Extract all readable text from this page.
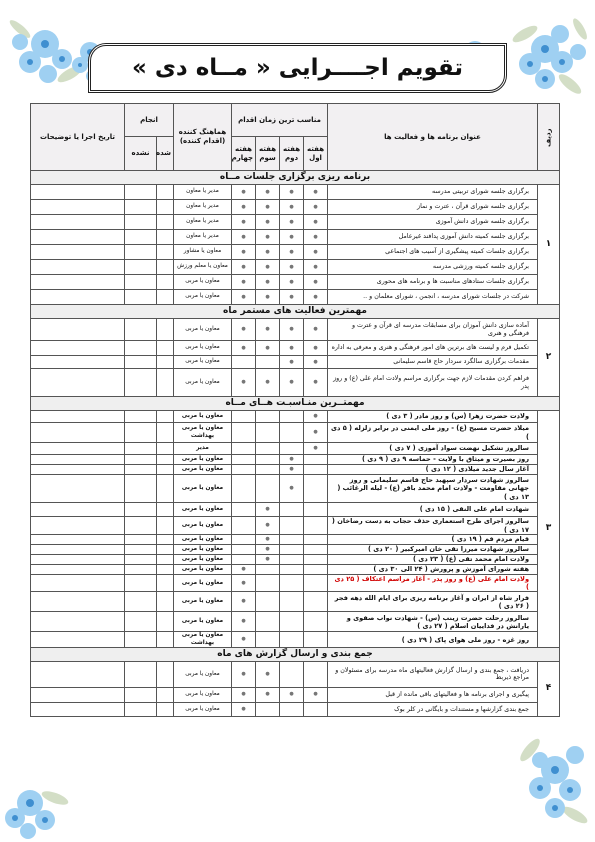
تقویم اجــــرایی « مــاه دی »
ردیف	عنوان برنامه ها و فعالیت ها	مناسب ترین زمان اقدام				هماهنگ کننده (اقدام کننده)	انجام		تاریخ اجرا یا توضیحات
		هفته اول	هفته دوم	هفته سوم	هفته چهارم		شده	نشده	
برنامه ریزی برگزاری جلسات مــاه									
۱	برگزاری جلسه شورای تربیتی مدرسه	●	●	●	●	مدیر یا معاون			
	برگزاری جلسه شورای قرآن ، عترت و نماز	●	●	●	●	مدیر یا معاون			
	برگزاری جلسه شورای دانش آموزی	●	●	●	●	مدیر یا معاون			
	برگزاری جلسه کمیته دانش آموزی پدافند غیرعامل	●	●	●	●	مدیر یا معاون			
	برگزاری جلسات کمیته پیشگیری از آسیب های اجتماعی	●	●	●	●	معاون یا مشاور			
	برگزاری جلسه کمیته ورزشی مدرسه	●	●	●	●	معاون یا معلم ورزش			
	برگزاری جلسات ستادهای مناسبت ها و برنامه های محوری	●	●	●	●	معاون یا مربی			
	شرکت در جلسات شورای مدرسه ، انجمن ، شورای معلمان و ..	●	●	●	●	معاون یا مربی			
مهمترین فعالیت های مستمر ماه									
۲	آماده سازی دانش آموزان برای مسابقات مدرسه ای قرآن و عترت و فرهنگی و هنری	●	●	●	●	معاون یا مربی			
	تکمیل فرم و لیست های برترین های امور فرهنگی و هنری و معرفی به اداره	●	●	●	●	معاون یا مربی			
	مقدمات برگزاری سالگرد سردار حاج قاسم سلیمانی	●	●			معاون یا مربی			
	فراهم کردن مقدمات لازم جهت برگزاری مراسم ولادت امام علی (ع) و روز پدر	●	●	●	●	معاون یا مربی			
مهمتــرین منـاسبـت هــای مــاه									
۳	ولادت حضرت زهرا (س) و روز مادر ( ۳ دی )	●				معاون یا مربی			
	میلاد حضرت مسیح (ع) - روز ملی ایمنی در برابر زلزله ( ۵ دی )	●				معاون یا مربی بهداشت			
	سالروز تشکیل نهضت سواد آموزی ( ۷ دی )	●				مدیر			
	روز بصیرت و میثاق با ولایت - حماسه ۹ دی ( ۹ دی )		●			معاون یا مربی			
	آغاز سال جدید میلادی ( ۱۲ دی )		●			معاون یا مربی			
	سالروز شهادت سردار سپهبد حاج قاسم سلیمانی و روز جهانی مقاومت - ولادت امام محمد باقر (ع) - لیله الرغائب ( ۱۳ دی )		●			معاون یا مربی			
	شهادت امام علی النقی ( ۱۵ دی )			●		معاون یا مربی			
	سالروز اجرای طرح استعماری حذف حجاب به دست رضاخان ( ۱۷ دی )			●		معاون یا مربی			
	قیام مردم قم ( ۱۹ دی )			●		معاون یا مربی			
	سالروز شهادت میرزا تقی خان امیرکبیر ( ۲۰ دی )			●		معاون یا مربی			
	ولادت امام محمد تقی (ع) ( ۲۳ دی )			●		معاون یا مربی			
	هفته شورای آموزش و پرورش ( ۲۴ الی ۳۰ دی )				●	معاون یا مربی			
	ولادت امام علی (ع) و روز پدر - آغاز مراسم اعتکاف ( ۲۵ دی )				●	معاون یا مربی			
	فرار شاه از ایران و آغاز برنامه ریزی برای ایام الله دهه فجر ( ۲۶ دی )				●	معاون یا مربی			
	سالروز رحلت حضرت زینب (س) - شهادت نواب صفوی و یارانش در فداییان اسلام ( ۲۷ دی )				●	معاون یا مربی			
	روز غزه - روز ملی هوای پاک ( ۲۹ دی )				●	معاون یا مربی بهداشت			
جمع بندی و ارسال گزارش های ماه									
۴	دریافت ، جمع بندی و ارسال گزارش فعالیتهای ماه مدرسه برای مسئولان و مراجع ذیربط			●	●	معاون یا مربی			
	پیگیری و اجرای برنامه ها و فعالیتهای باقی مانده از قبل	●	●	●	●	معاون یا مربی			
	جمع بندی گزارشها و مستندات و بایگانی در کلر بوک				●	معاون یا مربی			
